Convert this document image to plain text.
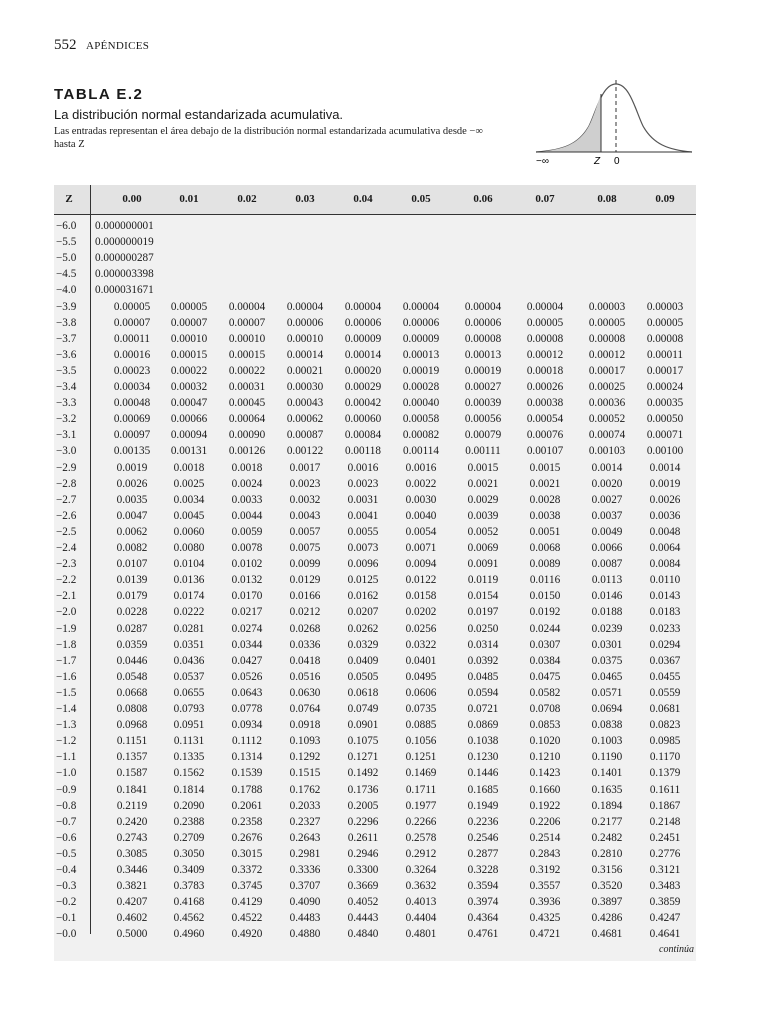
552 APÉNDICES
TABLA E.2
La distribución normal estandarizada acumulativa.
Las entradas representan el área debajo de la distribución normal estandarizada acumulativa desde −∞ hasta Z
−∞	Z 0
Z	0.00	0.01	0.02	0.03	0.04	0.05	0.06	0.07	0.08	0.09
−6.0	0.000000001
−5.5	0.000000019
−5.0	0.000000287
−4.5	0.000003398
−4.0	0.000031671
−3.9	0.00005	0.00005	0.00004	0.00004	0.00004	0.00004	0.00004	0.00004	0.00003	0.00003
−3.8	0.00007	0.00007	0.00007	0.00006	0.00006	0.00006	0.00006	0.00005	0.00005	0.00005
−3.7	0.00011	0.00010	0.00010	0.00010	0.00009	0.00009	0.00008	0.00008	0.00008	0.00008
−3.6	0.00016	0.00015	0.00015	0.00014	0.00014	0.00013	0.00013	0.00012	0.00012	0.00011
−3.5	0.00023	0.00022	0.00022	0.00021	0.00020	0.00019	0.00019	0.00018	0.00017	0.00017
−3.4	0.00034	0.00032	0.00031	0.00030	0.00029	0.00028	0.00027	0.00026	0.00025	0.00024
−3.3	0.00048	0.00047	0.00045	0.00043	0.00042	0.00040	0.00039	0.00038	0.00036	0.00035
−3.2	0.00069	0.00066	0.00064	0.00062	0.00060	0.00058	0.00056	0.00054	0.00052	0.00050
−3.1	0.00097	0.00094	0.00090	0.00087	0.00084	0.00082	0.00079	0.00076	0.00074	0.00071
−3.0	0.00135	0.00131	0.00126	0.00122	0.00118	0.00114	0.00111	0.00107	0.00103	0.00100
−2.9	0.0019	0.0018	0.0018	0.0017	0.0016	0.0016	0.0015	0.0015	0.0014	0.0014
−2.8	0.0026	0.0025	0.0024	0.0023	0.0023	0.0022	0.0021	0.0021	0.0020	0.0019
−2.7	0.0035	0.0034	0.0033	0.0032	0.0031	0.0030	0.0029	0.0028	0.0027	0.0026
−2.6	0.0047	0.0045	0.0044	0.0043	0.0041	0.0040	0.0039	0.0038	0.0037	0.0036
−2.5	0.0062	0.0060	0.0059	0.0057	0.0055	0.0054	0.0052	0.0051	0.0049	0.0048
−2.4	0.0082	0.0080	0.0078	0.0075	0.0073	0.0071	0.0069	0.0068	0.0066	0.0064
−2.3	0.0107	0.0104	0.0102	0.0099	0.0096	0.0094	0.0091	0.0089	0.0087	0.0084
−2.2	0.0139	0.0136	0.0132	0.0129	0.0125	0.0122	0.0119	0.0116	0.0113	0.0110
−2.1	0.0179	0.0174	0.0170	0.0166	0.0162	0.0158	0.0154	0.0150	0.0146	0.0143
−2.0	0.0228	0.0222	0.0217	0.0212	0.0207	0.0202	0.0197	0.0192	0.0188	0.0183
−1.9	0.0287	0.0281	0.0274	0.0268	0.0262	0.0256	0.0250	0.0244	0.0239	0.0233
−1.8	0.0359	0.0351	0.0344	0.0336	0.0329	0.0322	0.0314	0.0307	0.0301	0.0294
−1.7	0.0446	0.0436	0.0427	0.0418	0.0409	0.0401	0.0392	0.0384	0.0375	0.0367
−1.6	0.0548	0.0537	0.0526	0.0516	0.0505	0.0495	0.0485	0.0475	0.0465	0.0455
−1.5	0.0668	0.0655	0.0643	0.0630	0.0618	0.0606	0.0594	0.0582	0.0571	0.0559
−1.4	0.0808	0.0793	0.0778	0.0764	0.0749	0.0735	0.0721	0.0708	0.0694	0.0681
−1.3	0.0968	0.0951	0.0934	0.0918	0.0901	0.0885	0.0869	0.0853	0.0838	0.0823
−1.2	0.1151	0.1131	0.1112	0.1093	0.1075	0.1056	0.1038	0.1020	0.1003	0.0985
−1.1	0.1357	0.1335	0.1314	0.1292	0.1271	0.1251	0.1230	0.1210	0.1190	0.1170
−1.0	0.1587	0.1562	0.1539	0.1515	0.1492	0.1469	0.1446	0.1423	0.1401	0.1379
−0.9	0.1841	0.1814	0.1788	0.1762	0.1736	0.1711	0.1685	0.1660	0.1635	0.1611
−0.8	0.2119	0.2090	0.2061	0.2033	0.2005	0.1977	0.1949	0.1922	0.1894	0.1867
−0.7	0.2420	0.2388	0.2358	0.2327	0.2296	0.2266	0.2236	0.2206	0.2177	0.2148
−0.6	0.2743	0.2709	0.2676	0.2643	0.2611	0.2578	0.2546	0.2514	0.2482	0.2451
−0.5	0.3085	0.3050	0.3015	0.2981	0.2946	0.2912	0.2877	0.2843	0.2810	0.2776
−0.4	0.3446	0.3409	0.3372	0.3336	0.3300	0.3264	0.3228	0.3192	0.3156	0.3121
−0.3	0.3821	0.3783	0.3745	0.3707	0.3669	0.3632	0.3594	0.3557	0.3520	0.3483
−0.2	0.4207	0.4168	0.4129	0.4090	0.4052	0.4013	0.3974	0.3936	0.3897	0.3859
−0.1	0.4602	0.4562	0.4522	0.4483	0.4443	0.4404	0.4364	0.4325	0.4286	0.4247
−0.0	0.5000	0.4960	0.4920	0.4880	0.4840	0.4801	0.4761	0.4721	0.4681	0.4641
continúa
